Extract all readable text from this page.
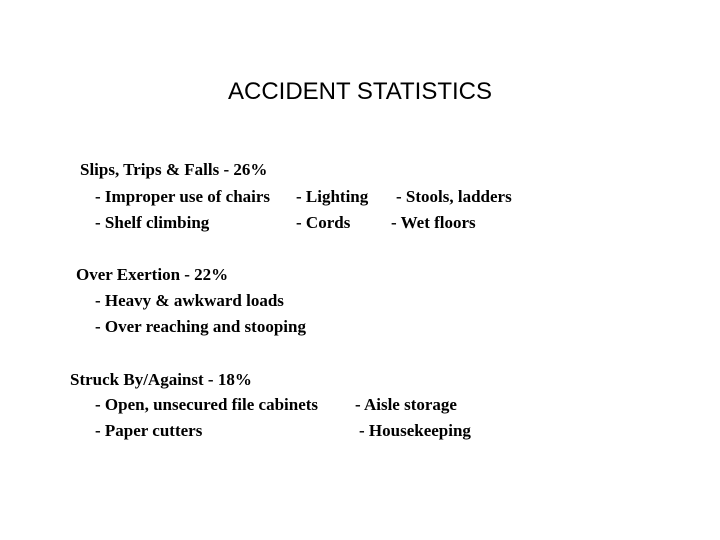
ACCIDENT STATISTICS
Slips, Trips & Falls - 26%
- Improper use of chairs - Lighting - Stools, ladders
- Shelf climbing	- Cords - Wet floors
Over Exertion - 22%
- Heavy & awkward loads
- Over reaching and stooping
Struck By/Against - 18%
- Open, unsecured file cabinets - Aisle storage
- Paper cutters	- Housekeeping
